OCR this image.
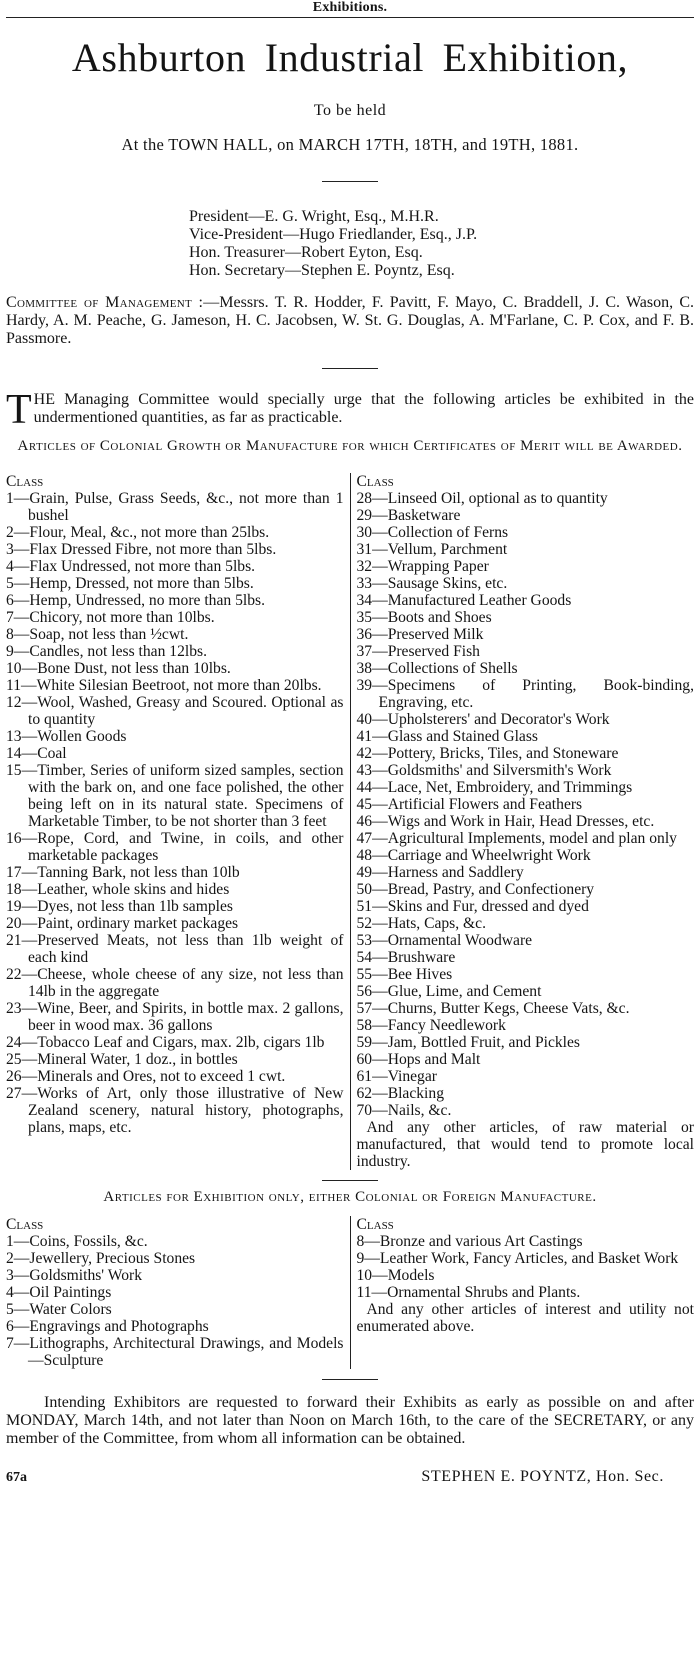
Exhibitions.
Ashburton Industrial Exhibition,
To be held
At the TOWN HALL, on MARCH 17TH, 18TH, and 19TH, 1881.
President—E. G. Wright, Esq., M.H.R.
Vice-President—Hugo Friedlander, Esq., J.P.
Hon. Treasurer—Robert Eyton, Esq.
Hon. Secretary—Stephen E. Poyntz, Esq.
Committee of Management :—Messrs. T. R. Hodder, F. Pavitt, F. Mayo, C. Braddell, J. C. Wason, C. Hardy, A. M. Peache, G. Jameson, H. C. Jacobsen, W. St. G. Douglas, A. M'Farlane, C. P. Cox, and F. B. Passmore.
THE Managing Committee would specially urge that the following articles be exhibited in the undermentioned quantities, as far as practicable.
Articles of Colonial Growth or Manufacture for which Certificates of Merit will be Awarded.
Class
1—Grain, Pulse, Grass Seeds, &c., not more than 1 bushel
2—Flour, Meal, &c., not more than 25lbs.
3—Flax Dressed Fibre, not more than 5lbs.
4—Flax Undressed, not more than 5lbs.
5—Hemp, Dressed, not more than 5lbs.
6—Hemp, Undressed, no more than 5lbs.
7—Chicory, not more than 10lbs.
8—Soap, not less than ½cwt.
9—Candles, not less than 12lbs.
10—Bone Dust, not less than 10lbs.
11—White Silesian Beetroot, not more than 20lbs.
12—Wool, Washed, Greasy and Scoured. Optional as to quantity
13—Wollen Goods
14—Coal
15—Timber, Series of uniform sized samples, section with the bark on, and one face polished, the other being left on in its natural state. Specimens of Marketable Timber, to be not shorter than 3 feet
16—Rope, Cord, and Twine, in coils, and other marketable packages
17—Tanning Bark, not less than 10lb
18—Leather, whole skins and hides
19—Dyes, not less than 1lb samples
20—Paint, ordinary market packages
21—Preserved Meats, not less than 1lb weight of each kind
22—Cheese, whole cheese of any size, not less than 14lb in the aggregate
23—Wine, Beer, and Spirits, in bottle max. 2 gallons, beer in wood max. 36 gallons
24—Tobacco Leaf and Cigars, max. 2lb, cigars 1lb
25—Mineral Water, 1 doz., in bottles
26—Minerals and Ores, not to exceed 1 cwt.
27—Works of Art, only those illustrative of New Zealand scenery, natural history, photographs, plans, maps, etc.
Class
28—Linseed Oil, optional as to quantity
29—Basketware
30—Collection of Ferns
31—Vellum, Parchment
32—Wrapping Paper
33—Sausage Skins, etc.
34—Manufactured Leather Goods
35—Boots and Shoes
36—Preserved Milk
37—Preserved Fish
38—Collections of Shells
39—Specimens of Printing, Book-binding, Engraving, etc.
40—Upholsterers' and Decorator's Work
41—Glass and Stained Glass
42—Pottery, Bricks, Tiles, and Stoneware
43—Goldsmiths' and Silversmith's Work
44—Lace, Net, Embroidery, and Trimmings
45—Artificial Flowers and Feathers
46—Wigs and Work in Hair, Head Dresses, etc.
47—Agricultural Implements, model and plan only
48—Carriage and Wheelwright Work
49—Harness and Saddlery
50—Bread, Pastry, and Confectionery
51—Skins and Fur, dressed and dyed
52—Hats, Caps, &c.
53—Ornamental Woodware
54—Brushware
55—Bee Hives
56—Glue, Lime, and Cement
57—Churns, Butter Kegs, Cheese Vats, &c.
58—Fancy Needlework
59—Jam, Bottled Fruit, and Pickles
60—Hops and Malt
61—Vinegar
62—Blacking
70—Nails, &c.
And any other articles, of raw material or manufactured, that would tend to promote local industry.
Articles for Exhibition only, either Colonial or Foreign Manufacture.
Class
1—Coins, Fossils, &c.
2—Jewellery, Precious Stones
3—Goldsmiths' Work
4—Oil Paintings
5—Water Colors
6—Engravings and Photographs
7—Lithographs, Architectural Drawings, and Models—Sculpture
Class
8—Bronze and various Art Castings
9—Leather Work, Fancy Articles, and Basket Work
10—Models
11—Ornamental Shrubs and Plants.
And any other articles of interest and utility not enumerated above.
Intending Exhibitors are requested to forward their Exhibits as early as possible on and after MONDAY, March 14th, and not later than Noon on March 16th, to the care of the SECRETARY, or any member of the Committee, from whom all information can be obtained.
67a	STEPHEN E. POYNTZ, Hon. Sec.
